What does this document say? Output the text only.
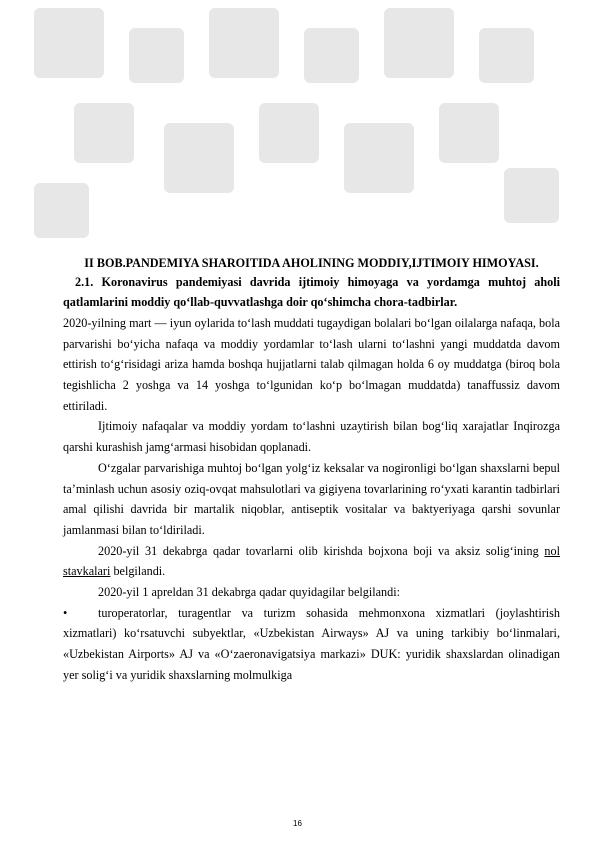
II BOB.PANDEMIYA SHAROITIDA AHOLINING MODDIY,IJTIMOIY HIMOYASI.

2.1. Koronavirus pandemiyasi davrida ijtimoiy himoyaga va yordamga muhtoj aholi qatlamlarini moddiy qo‘llab-quvvatlashga doir qo‘shimcha chora-tadbirlar.

2020-yilning mart — iyun oylarida to‘lash muddati tugaydigan bolalari bo‘lgan oilalarga nafaqa, bola parvarishi bo‘yicha nafaqa va moddiy yordamlar to‘lash ularni to‘lashni yangi muddatda davom ettirish to‘g‘risidagi ariza hamda boshqa hujjatlarni talab qilmagan holda 6 oy muddatga (biroq bola tegishlicha 2 yoshga va 14 yoshga to‘lgunidan ko‘p bo‘lmagan muddatda) tanaffussiz davom ettiriladi.

Ijtimoiy nafaqalar va moddiy yordam to‘lashni uzaytirish bilan bog‘liq xarajatlar Inqirozga qarshi kurashish jamg‘armasi hisobidan qoplanadi.

O‘zgalar parvarishiga muhtoj bo‘lgan yolg‘iz keksalar va nogironligi bo‘lgan shaxslarni bepul ta’minlash uchun asosiy oziq-ovqat mahsulotlari va gigiyena tovarlarining ro‘yxati karantin tadbirlari amal qilishi davrida bir martalik niqoblar, antiseptik vositalar va baktyeriyaga qarshi sovunlar jamlanmasi bilan to‘ldiriladi.

2020-yil 31 dekabrga qadar tovarlarni olib kirishda bojxona boji va aksiz solig‘ining nol stavkalari belgilandi.

2020-yil 1 apreldan 31 dekabrga qadar quyidagilar belgilandi:

•	turoperatorlar, turagentlar va turizm sohasida mehmonxona xizmatlari (joylashtirish xizmatlari) ko‘rsatuvchi subyektlar, «Uzbekistan Airways» AJ va uning tarkibiy bo‘linmalari, «Uzbekistan Airports» AJ va «O‘zaeronavigatsiya markazi» DUK: yuridik shaxslardan olinadigan yer solig‘i va yuridik shaxslarning molmulkiga

16
